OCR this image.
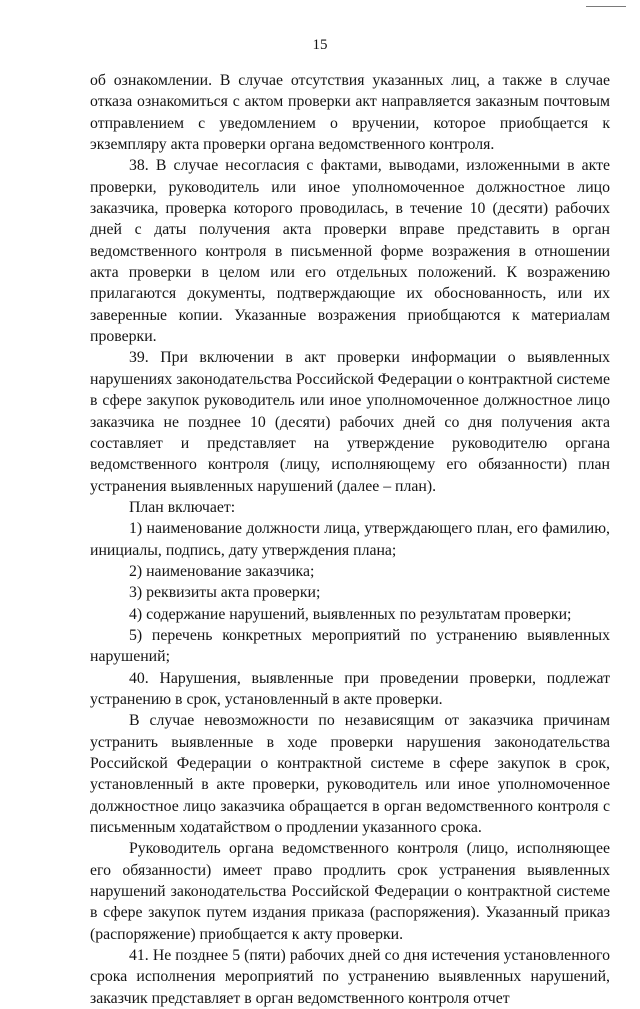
15

об ознакомлении. В случае отсутствия указанных лиц, а также в случае отказа ознакомиться с актом проверки акт направляется заказным почтовым отправлением с уведомлением о вручении, которое приобщается к экземпляру акта проверки органа ведомственного контроля.

38. В случае несогласия с фактами, выводами, изложенными в акте проверки, руководитель или иное уполномоченное должностное лицо заказчика, проверка которого проводилась, в течение 10 (десяти) рабочих дней с даты получения акта проверки вправе представить в орган ведомственного контроля в письменной форме возражения в отношении акта проверки в целом или его отдельных положений. К возражению прилагаются документы, подтверждающие их обоснованность, или их заверенные копии. Указанные возражения приобщаются к материалам проверки.

39. При включении в акт проверки информации о выявленных нарушениях законодательства Российской Федерации о контрактной системе в сфере закупок руководитель или иное уполномоченное должностное лицо заказчика не позднее 10 (десяти) рабочих дней со дня получения акта составляет и представляет на утверждение руководителю органа ведомственного контроля (лицу, исполняющему его обязанности) план устранения выявленных нарушений (далее – план).

План включает:

1) наименование должности лица, утверждающего план, его фамилию, инициалы, подпись, дату утверждения плана;

2) наименование заказчика;

3) реквизиты акта проверки;

4) содержание нарушений, выявленных по результатам проверки;

5) перечень конкретных мероприятий по устранению выявленных нарушений;

40. Нарушения, выявленные при проведении проверки, подлежат устранению в срок, установленный в акте проверки.

В случае невозможности по независящим от заказчика причинам устранить выявленные в ходе проверки нарушения законодательства Российской Федерации о контрактной системе в сфере закупок в срок, установленный в акте проверки, руководитель или иное уполномоченное должностное лицо заказчика обращается в орган ведомственного контроля с письменным ходатайством о продлении указанного срока.

Руководитель органа ведомственного контроля (лицо, исполняющее его обязанности) имеет право продлить срок устранения выявленных нарушений законодательства Российской Федерации о контрактной системе в сфере закупок путем издания приказа (распоряжения). Указанный приказ (распоряжение) приобщается к акту проверки.

41. Не позднее 5 (пяти) рабочих дней со дня истечения установленного срока исполнения мероприятий по устранению выявленных нарушений, заказчик представляет в орган ведомственного контроля отчет
